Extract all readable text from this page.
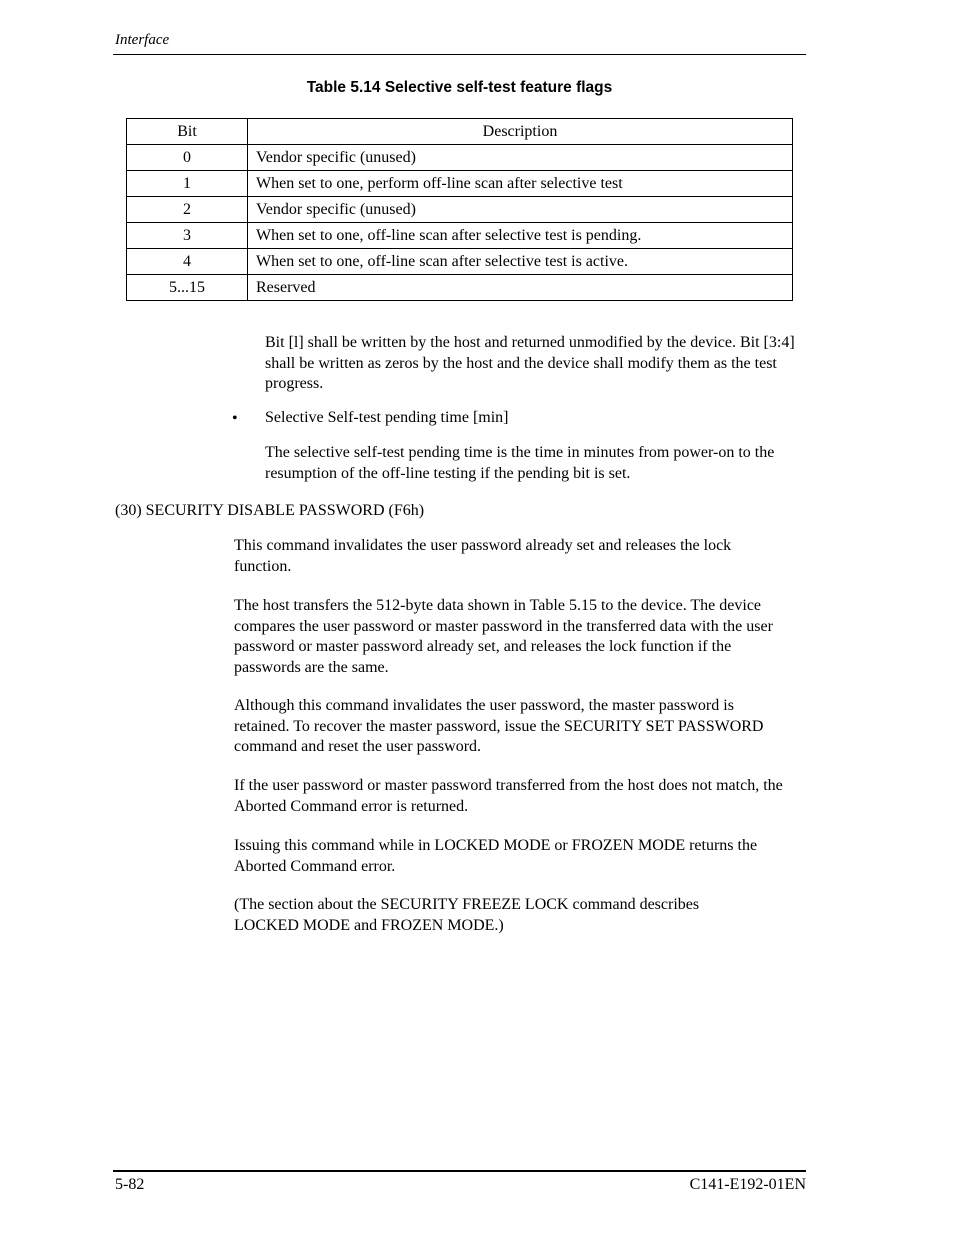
Interface
Table 5.14 Selective self-test feature flags
Bit	Description
0	Vendor specific (unused)
1	When set to one, perform off-line scan after selective test
2	Vendor specific (unused)
3	When set to one, off-line scan after selective test is pending.
4	When set to one, off-line scan after selective test is active.
5...15	Reserved

Bit [l] shall be written by the host and returned unmodified by the device. Bit [3:4] shall be written as zeros by the host and the device shall modify them as the test progress.

• Selective Self-test pending time [min]

The selective self-test pending time is the time in minutes from power-on to the resumption of the off-line testing if the pending bit is set.

(30) SECURITY DISABLE PASSWORD (F6h)

This command invalidates the user password already set and releases the lock function.

The host transfers the 512-byte data shown in Table 5.15 to the device. The device compares the user password or master password in the transferred data with the user password or master password already set, and releases the lock function if the passwords are the same.

Although this command invalidates the user password, the master password is retained. To recover the master password, issue the SECURITY SET PASSWORD command and reset the user password.

If the user password or master password transferred from the host does not match, the Aborted Command error is returned.

Issuing this command while in LOCKED MODE or FROZEN MODE returns the Aborted Command error.

(The section about the SECURITY FREEZE LOCK command describes LOCKED MODE and FROZEN MODE.)

5-82	C141-E192-01EN
